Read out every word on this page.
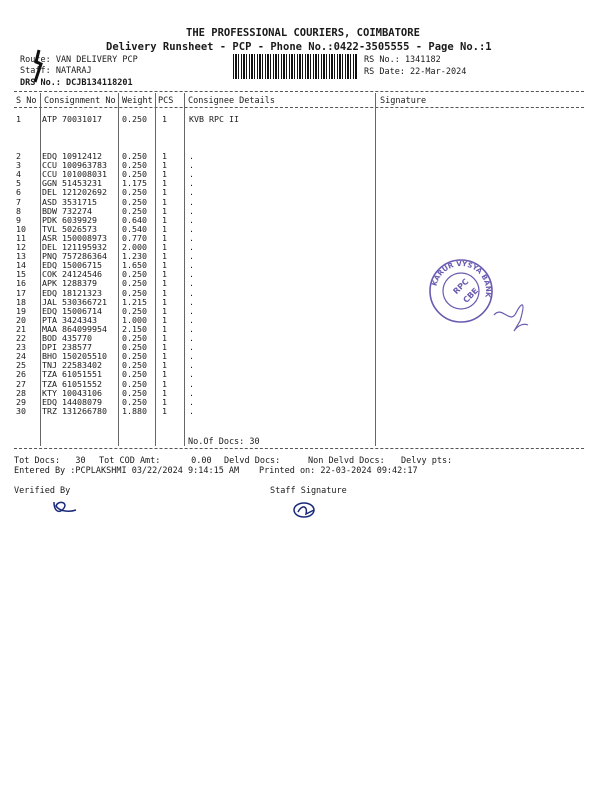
THE PROFESSIONAL COURIERS, COIMBATORE
Delivery Runsheet - PCP - Phone No.:0422-3505555 - Page No.:1
Route: VAN DELIVERY PCP
Staff: NATARAJ
DRS No.: DCJB134118201
RS No.: 1341182
RS Date: 22-Mar-2024
S No Consignment No Weight PCS Consignee Details	Signature
1	ATP 70031017 0.250 1	KVB RPC II
2	EDQ 10912412 0.250 1	.
3	CCU 100963783 0.250 1	.
4	CCU 101008031 0.250 1	.
5	GGN 51453231 1.175 1	.
6	DEL 121202692 0.250 1	.
7	ASD 3531715	0.250 1	.
8	BDW 732274	0.250 1	.
9	PDK 6039929	0.640 1	.
10 TVL 5026573	0.540 1	.
11 ASR 150008973 0.770 1	.
12 DEL 121195932 2.000 1	.
13 PNQ 757286364 1.230 1	.
14 EDQ 15006715 1.650 1	.
15 COK 24124546 0.250 1	.
16 APK 1288379	0.250 1	.
17 EDQ 18121323 0.250 1	.
18 JAL 530366721 1.215 1	.
19 EDQ 15006714 0.250 1	.
20 PTA 3424343	1.000 1	.
21 MAA 864099954 2.150 1	.
22 BOD 435770	0.250 1	.
23 DPI 238577	0.250 1	.
24 BHO 150205510 0.250 1	.
25 TNJ 22583402 0.250 1	.
26 TZA 61051551 0.250 1	.
27 TZA 61051552 0.250 1	.
28 KTY 10043106 0.250 1	.
29 EDQ 14408079 0.250 1	.
30 TRZ 131266780 1.880 1	.
No.Of Docs: 30
KARUR VYSYA BANK
RPC
CBE
Tot Docs:   30 Tot COD Amt:      0.00 Delvd Docs:	Non Delvd Docs: Delvy pts:
Entered By :PCPLAKSHMI 03/22/2024 9:14:15 AM Printed on: 22-03-2024 09:42:17
Verified By	Staff Signature
